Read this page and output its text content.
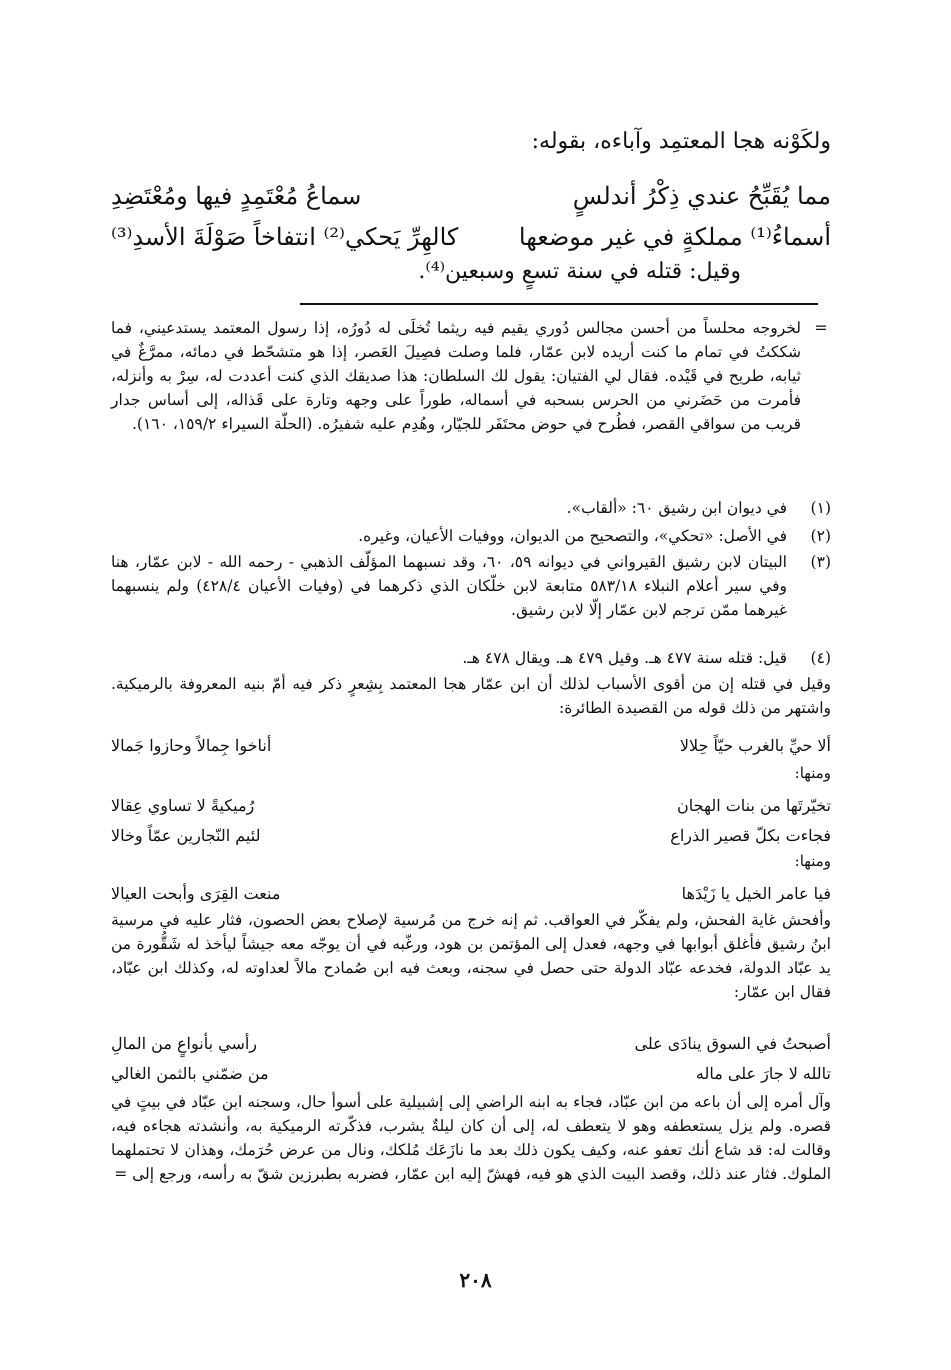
ولكَوْنه هجا المعتمِد وآباءه، بقوله:
مما يُقَبِّحُ عندي ذِكْرُ أندلسٍ
سماعُ مُعْتَمِدٍ فيها ومُعْتَضِدِ
أسماءُ⁽¹⁾ مملكةٍ في غير موضعها
كالهِرِّ يَحكي⁽²⁾ انتفاخاً صَوْلَةَ الأسدِ⁽³⁾
وقيل: قتله في سنة تسعٍ وسبعين⁽⁴⁾.
=
لخروجه محلساً من أحسن مجالس دُوري يقيم فيه ريثما تُخلَى له دُورُه، إذا رسول المعتمد يستدعيني، فما شككتُ في تمام ما كنت أريده لابن عمّار، فلما وصلت فصِيلَ العَصر، إذا هو متشحّط في دمائه، ممرَّغٌ في ثيابه، طريح في قَيْده. فقال لي الفتيان: يقول لك السلطان: هذا صديقك الذي كنت أعددت له، سِرْ به وأنزله، فأمرت من حَضَرني من الحرس بسحبه في أسماله، طوراً على وجهه وتارة على قَذاله، إلى أساس جدار قريب من سواقي القصر، فطُرح في حوض محتَفَر للجيّار، وهُدِم عليه شفيرُه. (الحلّة السيراء ١٥٩/٢، ١٦٠).
(١)
في ديوان ابن رشيق ٦٠: «ألقاب».
(٢)
في الأصل: «تحكي»، والتصحيح من الديوان، ووفيات الأعيان، وغيره.
(٣)
البيتان لابن رشيق القيرواني في ديوانه ٥٩، ٦٠، وقد نسبهما المؤلّف الذهبي - رحمه الله - لابن عمّار، هنا وفي سير أعلام النبلاء ٥٨٣/١٨ متابعة لابن خلّكان الذي ذكرهما في (وفيات الأعيان ٤٢٨/٤) ولم ينسبهما غيرهما ممّن ترجم لابن عمّار إلّا لابن رشيق.
(٤)
قيل: قتله سنة ٤٧٧ هـ. وقيل ٤٧٩ هـ. ويقال ٤٧٨ هـ.
وقيل في قتله إن من أقوى الأسباب لذلك أن ابن عمّار هجا المعتمد بِشِعرٍ ذكر فيه أمّ بنيه المعروفة بالرميكية. واشتهر من ذلك قوله من القصيدة الطائرة:
ألا حيِّ بالغرب حيّاً حِلالا
أناخوا جِمالاً وحازوا جَمالا
ومنها:
تخيّرتَها من بنات الهجان
رُميكيةً لا تساوي عِقالا
فجاءت بكلّ قصير الذراع
لئيم النّجارين عمّاً وخالا
ومنها:
فيا عامر الخيل يا زَيْدَها
منعت القِرَى وأبحت العيالا
وأفحش غاية الفحش، ولم يفكّر في العواقب. ثم إنه خرج من مُرسية لإصلاح بعض الحصون، فثار عليه في مرسية ابنُ رشيق فأغلق أبوابها في وجهه، فعدل إلى المؤتمن بن هود، ورغّبه في أن يوجّه معه جيشاً ليأخذ له شَقُّورة من يد عبّاد الدولة، فخدعه عبّاد الدولة حتى حصل في سجنه، وبعث فيه ابن صُمادح مالاً لعداوته له، وكذلك ابن عبّاد، فقال ابن عمّار:
أصبحتُ في السوق ينادَى على
رأسي بأنواعٍ من المالِ
تالله لا جارَ على ماله
من ضمّني بالثمن الغالي
وآل أمره إلى أن باعه من ابن عبّاد، فجاء به ابنه الراضي إلى إشبيلية على أسوأ حال، وسجنه ابن عبّاد في بيتٍ في قصره. ولم يزل يستعطفه وهو لا يتعطف له، إلى أن كان ليلةٌ يشرب، فذكّرته الرميكية به، وأنشدته هجاءه فيه، وقالت له: قد شاع أنك تعفو عنه، وكيف يكون ذلك بعد ما نازَعَك مُلكك، ونال من عرض حُرَمك، وهذان لا تحتملهما الملوك. فثار عند ذلك، وقصد البيت الذي هو فيه، فهشّ إليه ابن عمّار، فضربه بطبرزين شقّ به رأسه، ورجع إلى =
٢٠٨
